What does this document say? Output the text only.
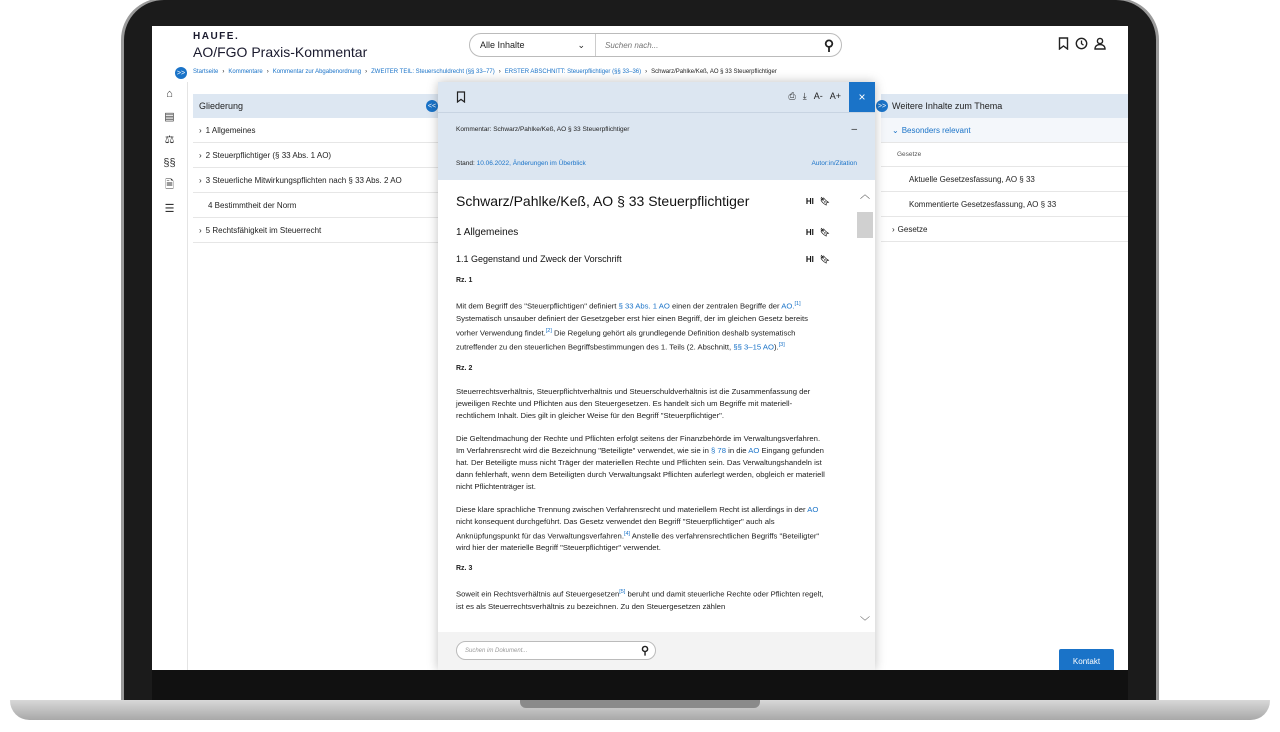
HAUFE.
AO/FGO Praxis-Kommentar	Alle Inhalte	⌄
Suchen nach...	⚲
>>	Startseite › Kommentare › Kommentar zur Abgabenordnung › ZWEITER TEIL: Steuerschuldrecht (§§ 33–77) › ERSTER ABSCHNITT: Steuerpflichtiger (§§ 33–36) › Schwarz/Pahlke/Keß, AO § 33 Steuerpflichtiger
⌂
▤
⚖
§§
🗎
☰
Gliederung
› 1 Allgemeines
› 2 Steuerpflichtiger (§ 33 Abs. 1 AO)
› 3 Steuerliche Mitwirkungspflichten nach § 33 Abs. 2 AO
4 Bestimmtheit der Norm
› 5 Rechtsfähigkeit im Steuerrecht
<<	Weitere Inhalte zum Thema
⌄ Besonders relevant
Gesetze
Aktuelle Gesetzesfassung, AO § 33
Kommentierte Gesetzesfassung, AO § 33
› Gesetze
>>
⎙ ⤓ A- A+	×
Kommentar: Schwarz/Pahlke/Keß, AO § 33 Steuerpflichtiger	–
Stand: 10.06.2022, Änderungen im Überblick	Autor:in/Zitation
Schwarz/Pahlke/Keß, AO § 33 Steuerpflichtiger	HI 🔖︎
1 Allgemeines	HI 🔖︎
1.1 Gegenstand und Zweck der Vorschrift	HI 🔖︎
Rz. 1

Mit dem Begriff des "Steuerpflichtigen" definiert § 33 Abs. 1 AO einen der zentralen Begriffe der AO.[1] Systematisch unsauber definiert der Gesetzgeber erst hier einen Begriff, der im gleichen Gesetz bereits vorher Verwendung findet.[2] Die Regelung gehört als grundlegende Definition deshalb systematisch zutreffender zu den steuerlichen Begriffsbestimmungen des 1. Teils (2. Abschnitt, §§ 3–15 AO).[3]

Rz. 2

Steuerrechtsverhältnis, Steuerpflichtverhältnis und Steuerschuldverhältnis ist die Zusammenfassung der jeweiligen Rechte und Pflichten aus den Steuergesetzen. Es handelt sich um Begriffe mit materiell-rechtlichem Inhalt. Dies gilt in gleicher Weise für den Begriff "Steuerpflichtiger".

Die Geltendmachung der Rechte und Pflichten erfolgt seitens der Finanzbehörde im Verwaltungsverfahren. Im Verfahrensrecht wird die Bezeichnung "Beteiligte" verwendet, wie sie in § 78 in die AO Eingang gefunden hat. Der Beteiligte muss nicht Träger der materiellen Rechte und Pflichten sein. Das Verwaltungshandeln ist dann fehlerhaft, wenn dem Beteiligten durch Verwaltungsakt Pflichten auferlegt werden, obgleich er materiell nicht Pflichtenträger ist.

Diese klare sprachliche Trennung zwischen Verfahrensrecht und materiellem Recht ist allerdings in der AO nicht konsequent durchgeführt. Das Gesetz verwendet den Begriff "Steuerpflichtiger" auch als Anknüpfungspunkt für das Verwaltungsverfahren.[4] Anstelle des verfahrensrechtlichen Begriffs "Beteiligter" wird hier der materielle Begriff "Steuerpflichtiger" verwendet.

Rz. 3

Soweit ein Rechtsverhältnis auf Steuergesetzen[5] beruht und damit steuerliche Rechte oder Pflichten regelt, ist es als Steuerrechtsverhältnis zu bezeichnen. Zu den Steuergesetzen zählen

︿
﹀
Suchen im Dokument...	⚲
Kontakt
